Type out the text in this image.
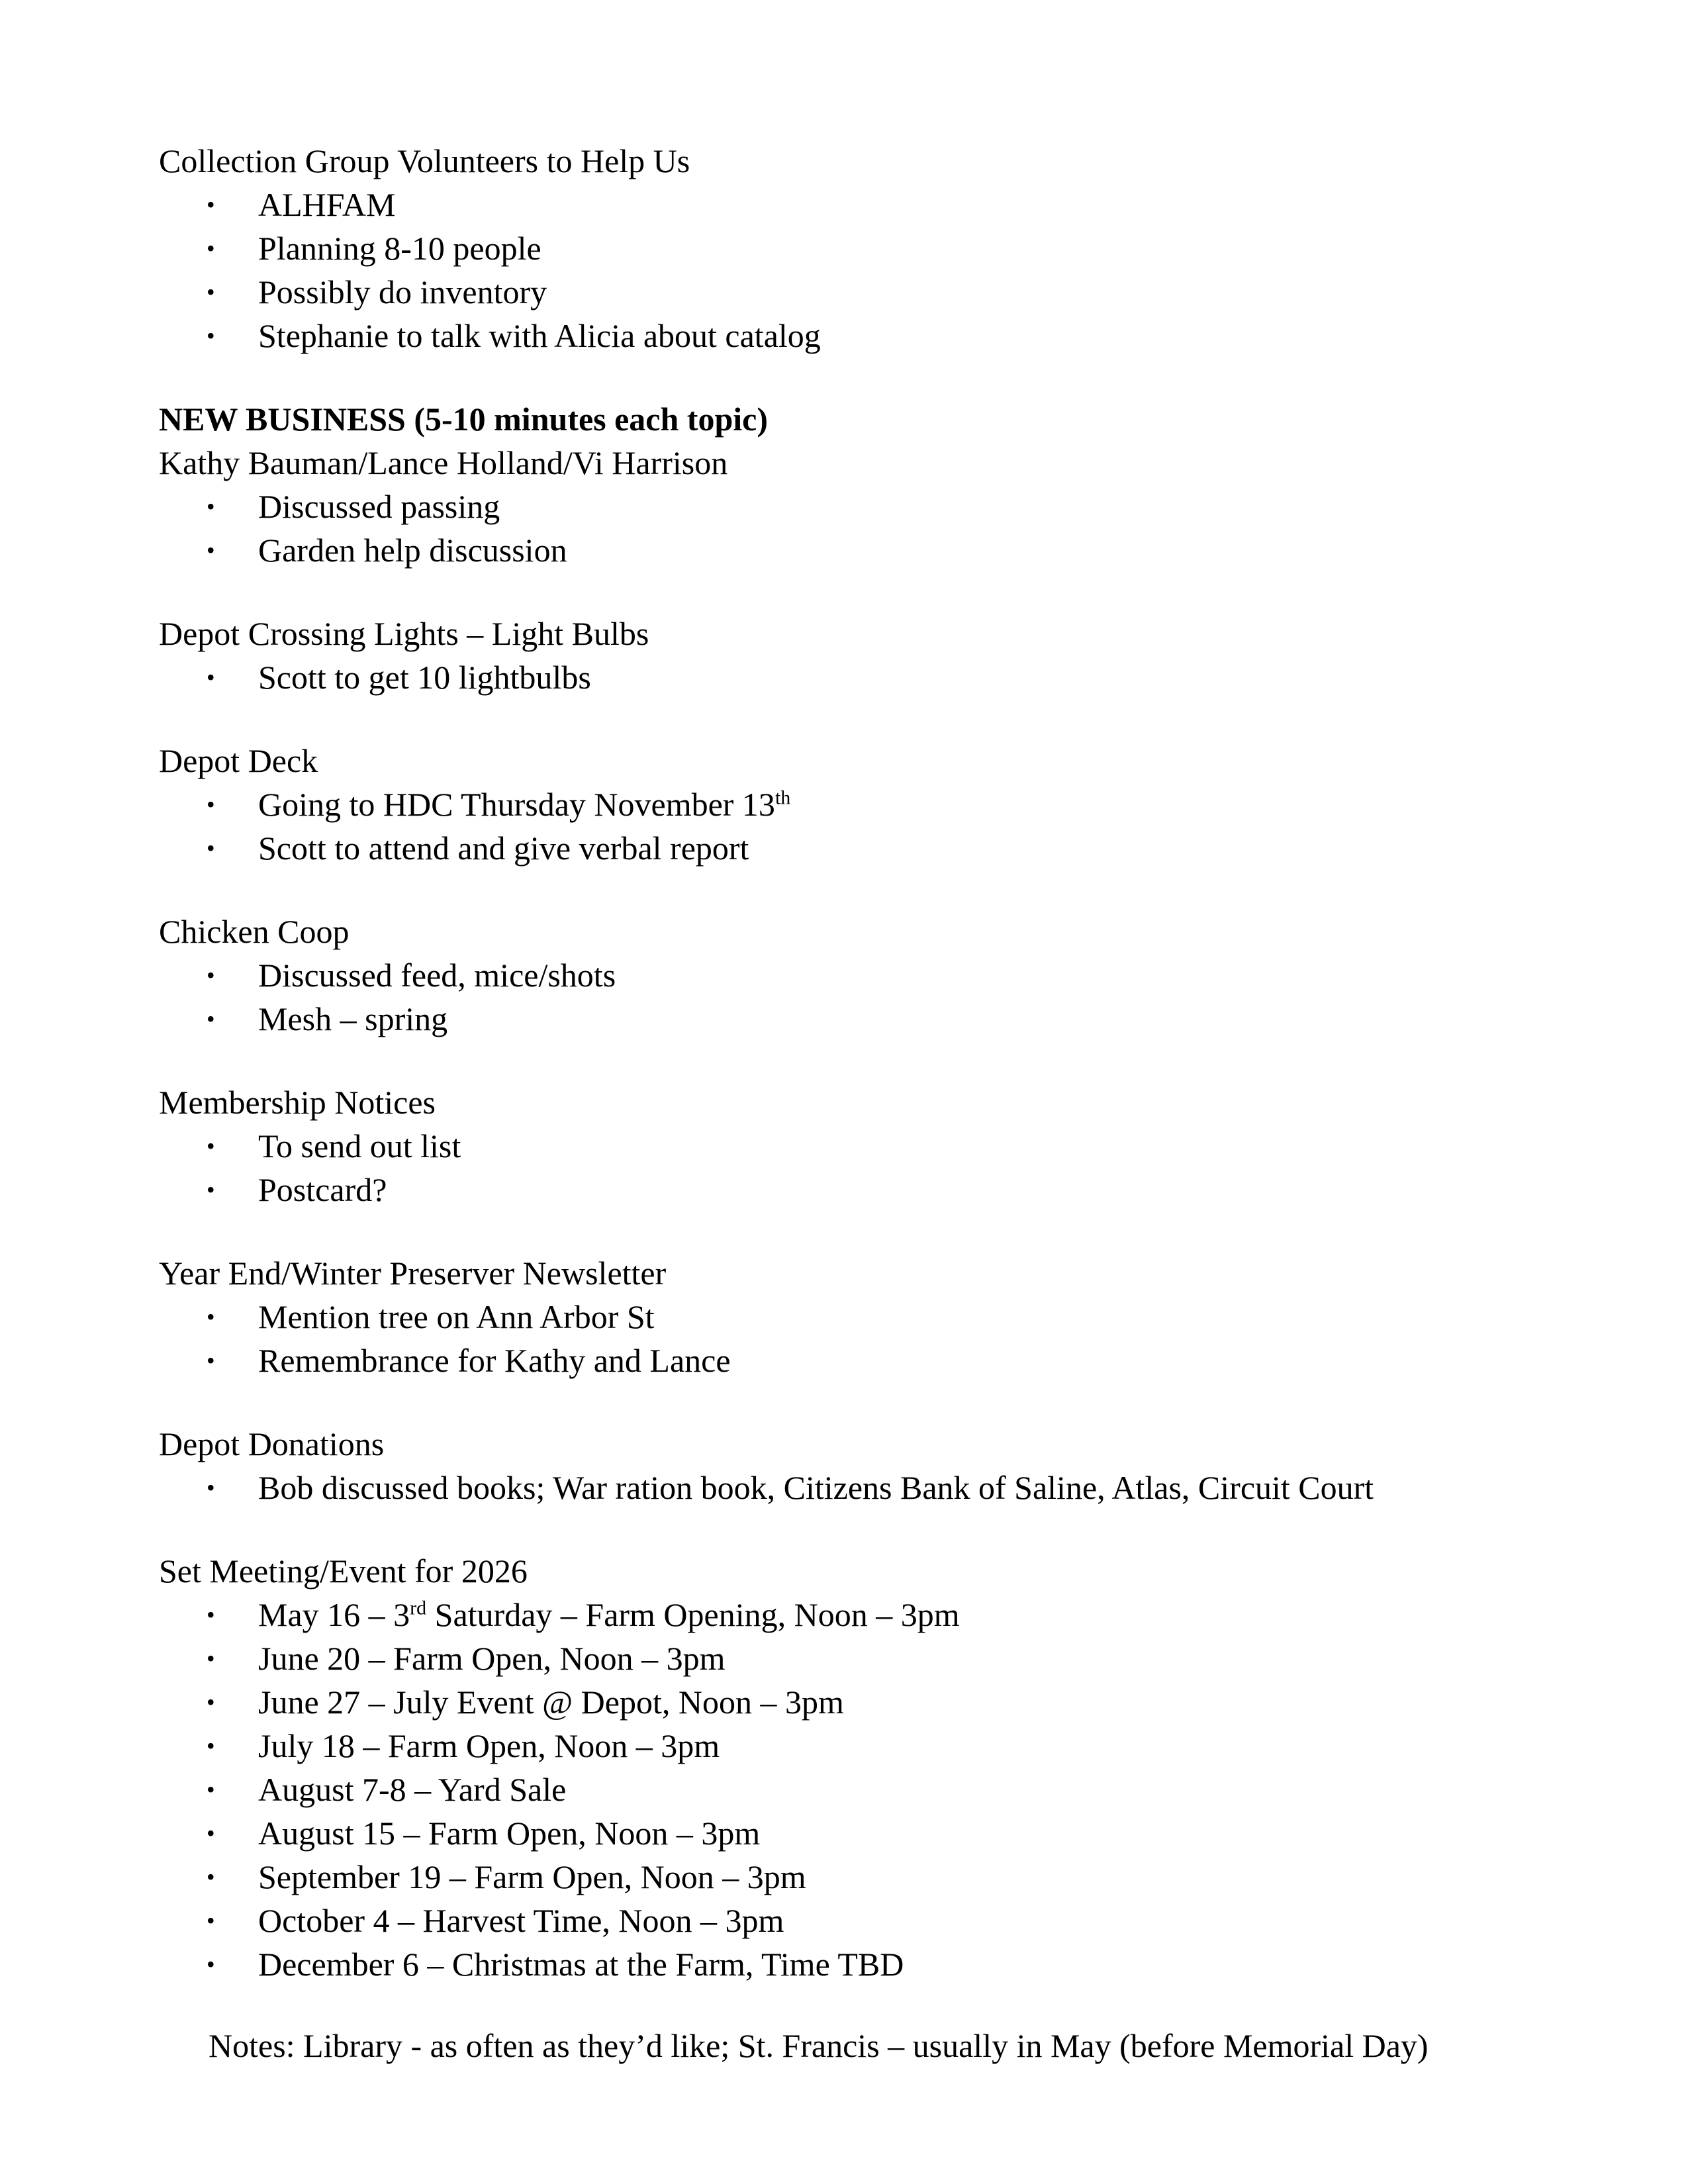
Collection Group Volunteers to Help Us

• ALHFAM
• Planning 8-10 people
• Possibly do inventory
• Stephanie to talk with Alicia about catalog

NEW BUSINESS (5-10 minutes each topic)

Kathy Bauman/Lance Holland/Vi Harrison

• Discussed passing
• Garden help discussion

Depot Crossing Lights – Light Bulbs

• Scott to get 10 lightbulbs

Depot Deck

• Going to HDC Thursday November 13th
• Scott to attend and give verbal report

Chicken Coop

• Discussed feed, mice/shots
• Mesh – spring

Membership Notices

• To send out list
• Postcard?

Year End/Winter Preserver Newsletter

• Mention tree on Ann Arbor St
• Remembrance for Kathy and Lance

Depot Donations

• Bob discussed books; War ration book, Citizens Bank of Saline, Atlas, Circuit Court

Set Meeting/Event for 2026

• May 16 – 3rd Saturday – Farm Opening, Noon – 3pm
• June 20 – Farm Open, Noon – 3pm
• June 27 – July Event @ Depot, Noon – 3pm
• July 18 – Farm Open, Noon – 3pm
• August 7-8 – Yard Sale
• August 15 – Farm Open, Noon – 3pm
• September 19 – Farm Open, Noon – 3pm
• October 4 – Harvest Time, Noon – 3pm
• December 6 – Christmas at the Farm, Time TBD

Notes: Library - as often as they’d like; St. Francis – usually in May (before Memorial Day)
